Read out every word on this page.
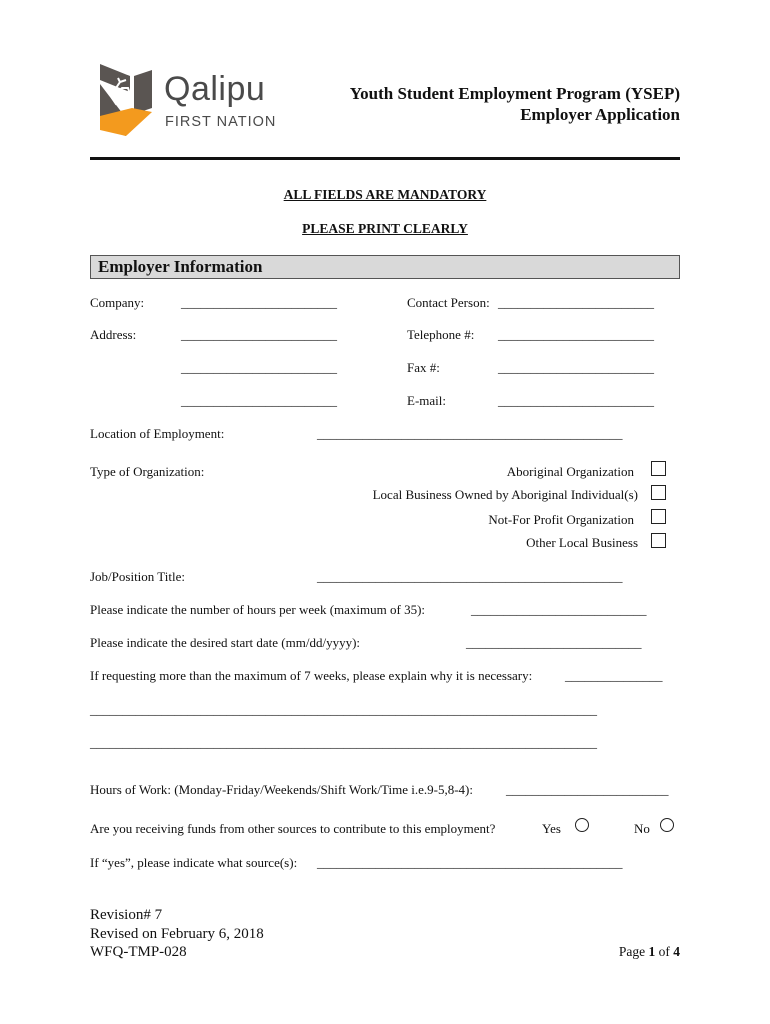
Qalipu
FIRST NATION
Youth Student Employment Program (YSEP)
Employer Application
ALL FIELDS ARE MANDATORY
PLEASE PRINT CLEARLY
Employer Information
Company:	________________________	Contact Person: ________________________
Address:	________________________	Telephone #: ________________________
________________________	Fax #:	________________________
________________________	E-mail:	________________________
Location of Employment:	_______________________________________________
Type of Organization:	Aboriginal Organization
Local Business Owned by Aboriginal Individual(s)
Not-For Profit Organization
Other Local Business
Job/Position Title:	_______________________________________________
Please indicate the number of hours per week (maximum of 35):	___________________________
Please indicate the desired start date (mm/dd/yyyy):	___________________________
If requesting more than the maximum of 7 weeks, please explain why it is necessary:	_______________
______________________________________________________________________________
______________________________________________________________________________
Hours of Work: (Monday-Friday/Weekends/Shift Work/Time i.e.9-5,8-4):	_________________________
Are you receiving funds from other sources to contribute to this employment?	Yes	No
If “yes”, please indicate what source(s): _______________________________________________
Revision# 7
Revised on February 6, 2018
WFQ-TMP-028	Page 1 of 4
